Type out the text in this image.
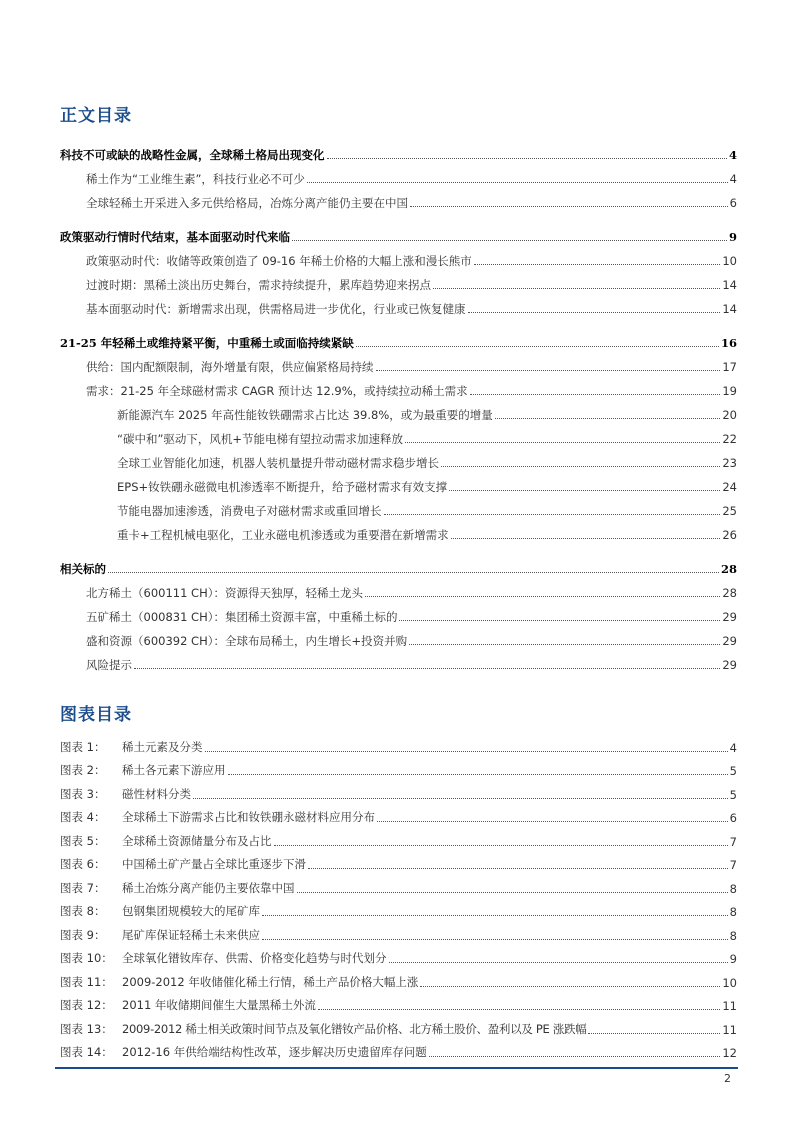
正文目录
科技不可或缺的战略性金属，全球稀土格局出现变化	4
稀土作为“工业维生素”，科技行业必不可少	4
全球轻稀土开采进入多元供给格局，冶炼分离产能仍主要在中国	6
政策驱动行情时代结束，基本面驱动时代来临	9
政策驱动时代：收储等政策创造了 09-16 年稀土价格的大幅上涨和漫长熊市	10
过渡时期：黑稀土淡出历史舞台，需求持续提升，累库趋势迎来拐点	14
基本面驱动时代：新增需求出现，供需格局进一步优化，行业或已恢复健康	14
21-25 年轻稀土或维持紧平衡，中重稀土或面临持续紧缺	16
供给：国内配额限制，海外增量有限，供应偏紧格局持续	17
需求：21-25 年全球磁材需求 CAGR 预计达 12.9%，或持续拉动稀土需求	19
新能源汽车 2025 年高性能钕铁硼需求占比达 39.8%，或为最重要的增量	20
“碳中和”驱动下，风机+节能电梯有望拉动需求加速释放	22
全球工业智能化加速，机器人装机量提升带动磁材需求稳步增长	23
EPS+钕铁硼永磁微电机渗透率不断提升，给予磁材需求有效支撑	24
节能电器加速渗透，消费电子对磁材需求或重回增长	25
重卡+工程机械电驱化，工业永磁电机渗透或为重要潜在新增需求	26
相关标的	28
北方稀土（600111 CH）：资源得天独厚，轻稀土龙头	28
五矿稀土（000831 CH）：集团稀土资源丰富，中重稀土标的	29
盛和资源（600392 CH）：全球布局稀土，内生增长+投资并购	29
风险提示	29
图表目录
图表 1：	稀土元素及分类	4
图表 2：	稀土各元素下游应用	5
图表 3：	磁性材料分类	5
图表 4：	全球稀土下游需求占比和钕铁硼永磁材料应用分布	6
图表 5：	全球稀土资源储量分布及占比	7
图表 6：	中国稀土矿产量占全球比重逐步下滑	7
图表 7：	稀土冶炼分离产能仍主要依靠中国	8
图表 8：	包钢集团规模较大的尾矿库	8
图表 9：	尾矿库保证轻稀土未来供应	8
图表 10： 全球氧化镨钕库存、供需、价格变化趋势与时代划分	9
图表 11： 2009-2012 年收储催化稀土行情，稀土产品价格大幅上涨	10
图表 12： 2011 年收储期间催生大量黑稀土外流	11
图表 13： 2009-2012 稀土相关政策时间节点及氧化镨钕产品价格、北方稀土股价、盈利以及 PE 涨跌幅	11
图表 14： 2012-16 年供给端结构性改革，逐步解决历史遗留库存问题	12
2
